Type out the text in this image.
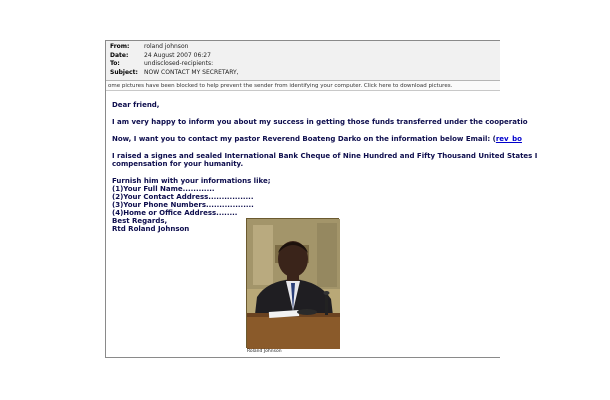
From:	roland johnson
Date:	24 August 2007 06:27
To:	undisclosed-recipients:
Subject:	NOW CONTACT MY SECRETARY,
ome pictures have been blocked to help prevent the sender from identifying your computer. Click here to download pictures.
Dear friend,
I am very happy to inform you about my success in getting those funds transferred under the cooperatio
Now, I want you to contact my pastor Reverend Boateng Darko on the information below Email: (rev_bo
I raised a signes and sealed International Bank Cheque of Nine Hundred and Fifty Thousand United States I
compensation for your humanity.
Furnish him with your informations like;
(1)Your Full Name............
(2)Your Contact Address.................
(3)Your Phone Numbers..................
(4)Home or Office Address........
Best Regards,
Rtd Roland Johnson
Roland Johnson
